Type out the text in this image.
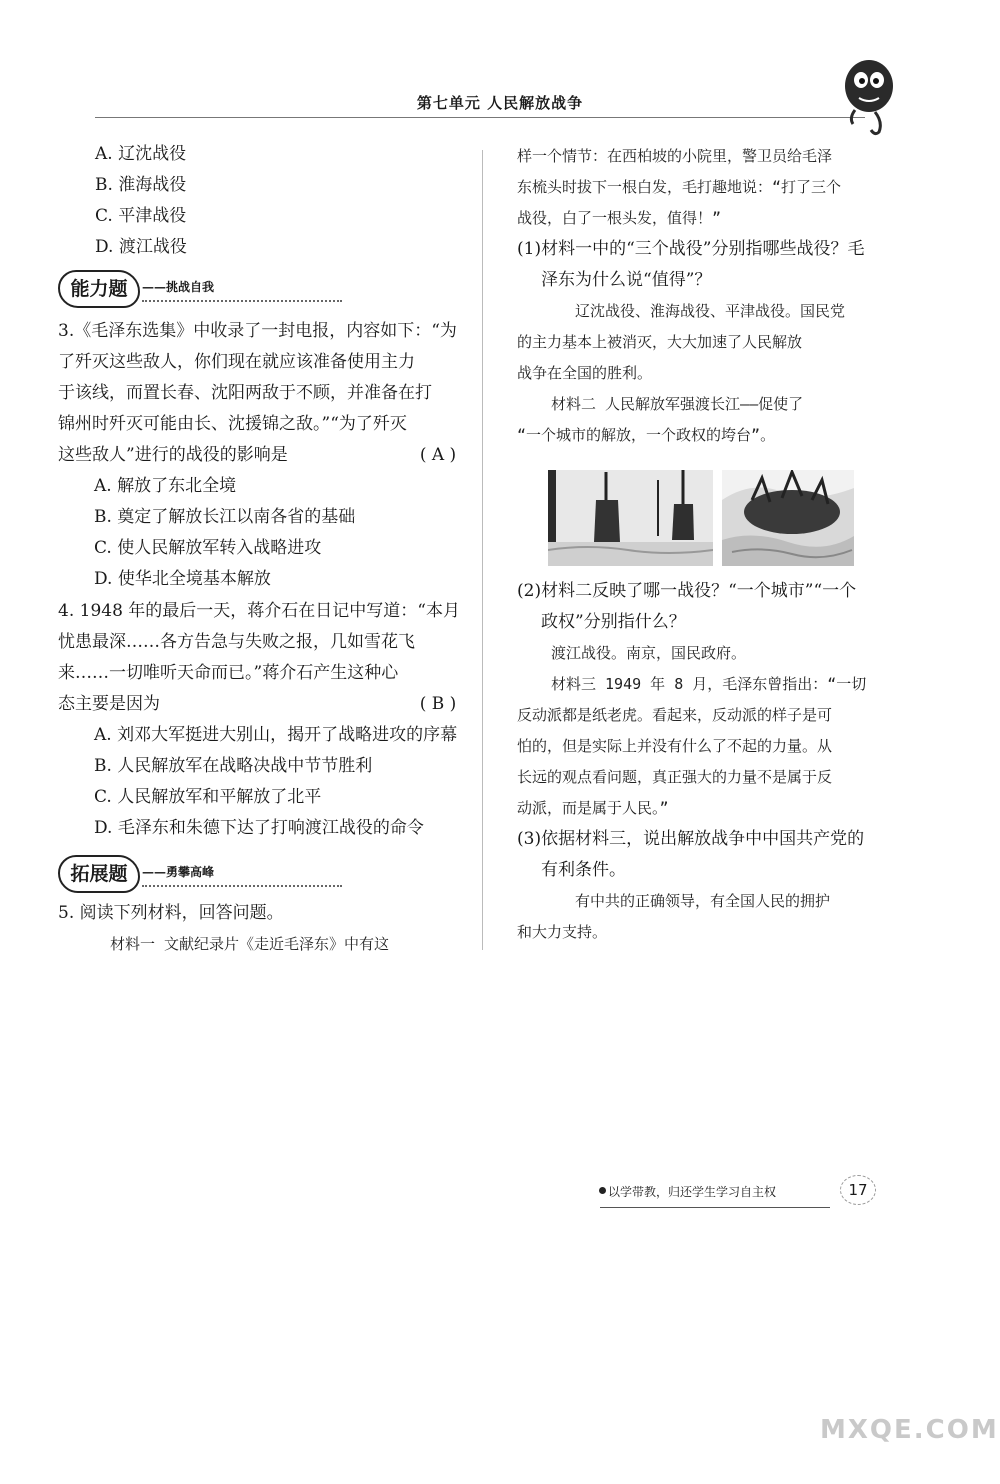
第七单元 人民解放战争
A. 辽沈战役
B. 淮海战役
C. 平津战役
D. 渡江战役
能力题	——挑战自我
3.《毛泽东选集》中收录了一封电报，内容如下：“为
了歼灭这些敌人，你们现在就应该准备使用主力
于该线，而置长春、沈阳两敌于不顾，并准备在打
锦州时歼灭可能由长、沈援锦之敌。”“为了歼灭
这些敌人”进行的战役的影响是	( A )
A. 解放了东北全境
B. 奠定了解放长江以南各省的基础
C. 使人民解放军转入战略进攻
D. 使华北全境基本解放
4. 1948 年的最后一天，蒋介石在日记中写道：“本月
忧患最深……各方告急与失败之报，几如雪花飞
来……一切唯听天命而已。”蒋介石产生这种心
态主要是因为	( B )
A. 刘邓大军挺进大别山，揭开了战略进攻的序幕
B. 人民解放军在战略决战中节节胜利
C. 人民解放军和平解放了北平
D. 毛泽东和朱德下达了打响渡江战役的命令
拓展题	——勇攀高峰
5. 阅读下列材料，回答问题。
材料一 文献纪录片《走近毛泽东》中有这
样一个情节：在西柏坡的小院里，警卫员给毛泽
东梳头时拔下一根白发，毛打趣地说：“打了三个
战役，白了一根头发，值得！”
(1)材料一中的“三个战役”分别指哪些战役？毛
泽东为什么说“值得”？
辽沈战役、淮海战役、平津战役。国民党
的主力基本上被消灭，大大加速了人民解放
战争在全国的胜利。
材料二 人民解放军强渡长江——促使了
“一个城市的解放，一个政权的垮台”。
(2)材料二反映了哪一战役？“一个城市”“一个
政权”分别指什么？
渡江战役。南京，国民政府。
材料三 1949 年 8 月，毛泽东曾指出：“一切
反动派都是纸老虎。看起来，反动派的样子是可
怕的，但是实际上并没有什么了不起的力量。从
长远的观点看问题，真正强大的力量不是属于反
动派，而是属于人民。”
(3)依据材料三，说出解放战争中中国共产党的
有利条件。
有中共的正确领导，有全国人民的拥护
和大力支持。
以学带教，归还学生学习自主权	17
MXQE.COM
